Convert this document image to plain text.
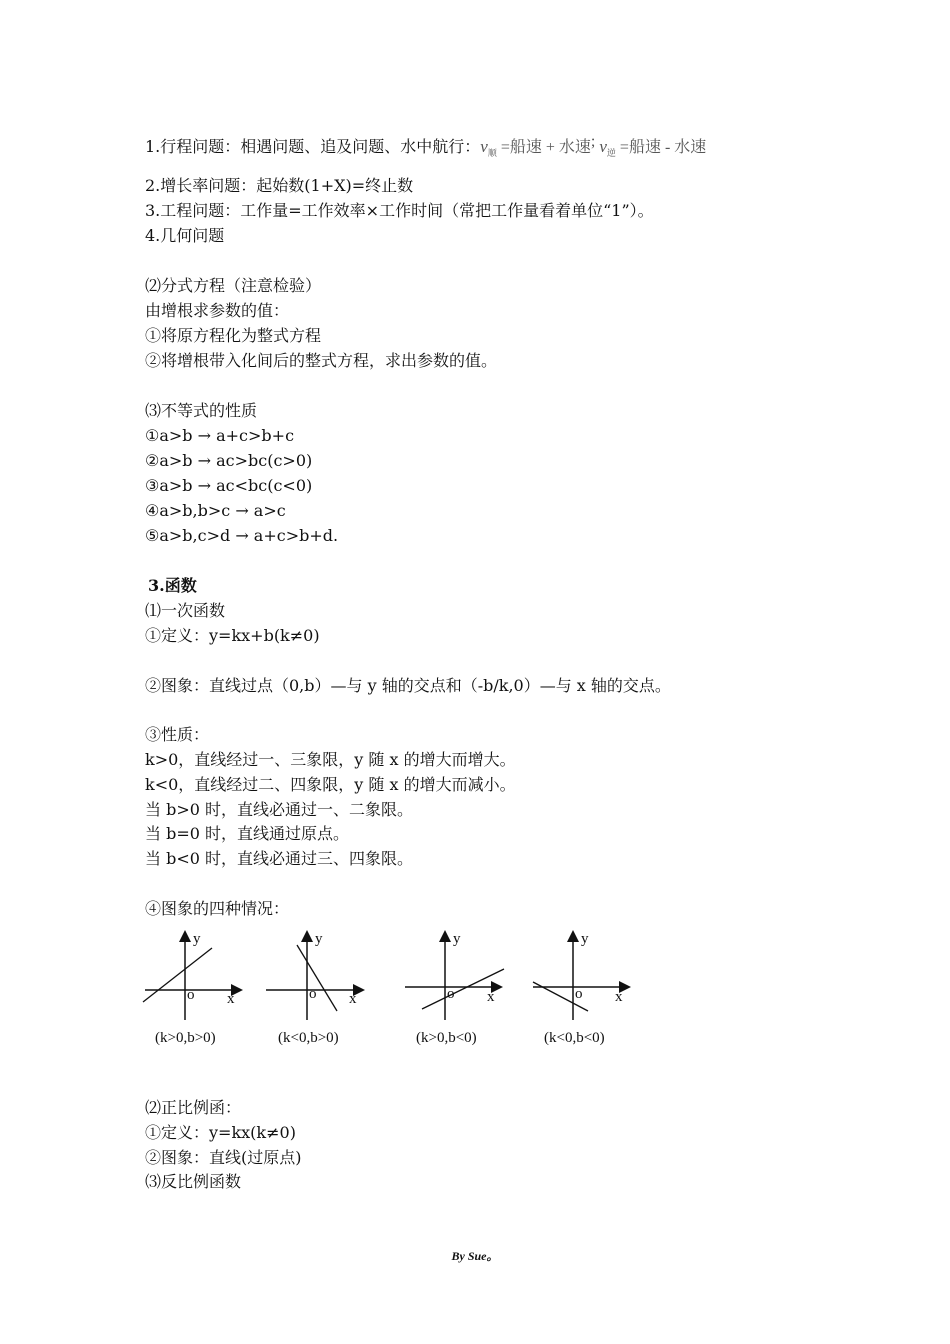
1.行程问题：相遇问题、追及问题、水中航行：$v_顺$ =船速 + 水速; $v_逆$ =船速 - 水速
2.增长率问题：起始数(1+X)=终止数
3.工程问题：工作量=工作效率×工作时间（常把工作量看着单位“1”）。
4.几何问题
⑵分式方程（注意检验）
由增根求参数的值：
①将原方程化为整式方程
②将增根带入化间后的整式方程，求出参数的值。
⑶不等式的性质
①a>b → a+c>b+c
②a>b → ac>bc(c>0)
③a>b → ac<bc(c<0)
④a>b,b>c → a>c
⑤a>b,c>d → a+c>b+d.
3.函数
⑴一次函数
①定义：y=kx+b(k≠0)
②图象：直线过点（0,b）—与 y 轴的交点和（-b/k,0）—与 x 轴的交点。
③性质：
k>0，直线经过一、三象限，y 随 x 的增大而增大。
k<0，直线经过二、四象限，y 随 x 的增大而减小。
当 b>0 时，直线必通过一、二象限。
当 b=0 时，直线通过原点。
当 b<0 时，直线必通过三、四象限。
④图象的四种情况：
y
o x
(k>0,b>0)
y
o x
(k<0,b>0)
y
o x
(k>0,b<0)
y
o x
(k<0,b<0)
⑵正比例函：
①定义：y=kx(k≠0)
②图象：直线(过原点)
⑶反比例函数
By Sue。
